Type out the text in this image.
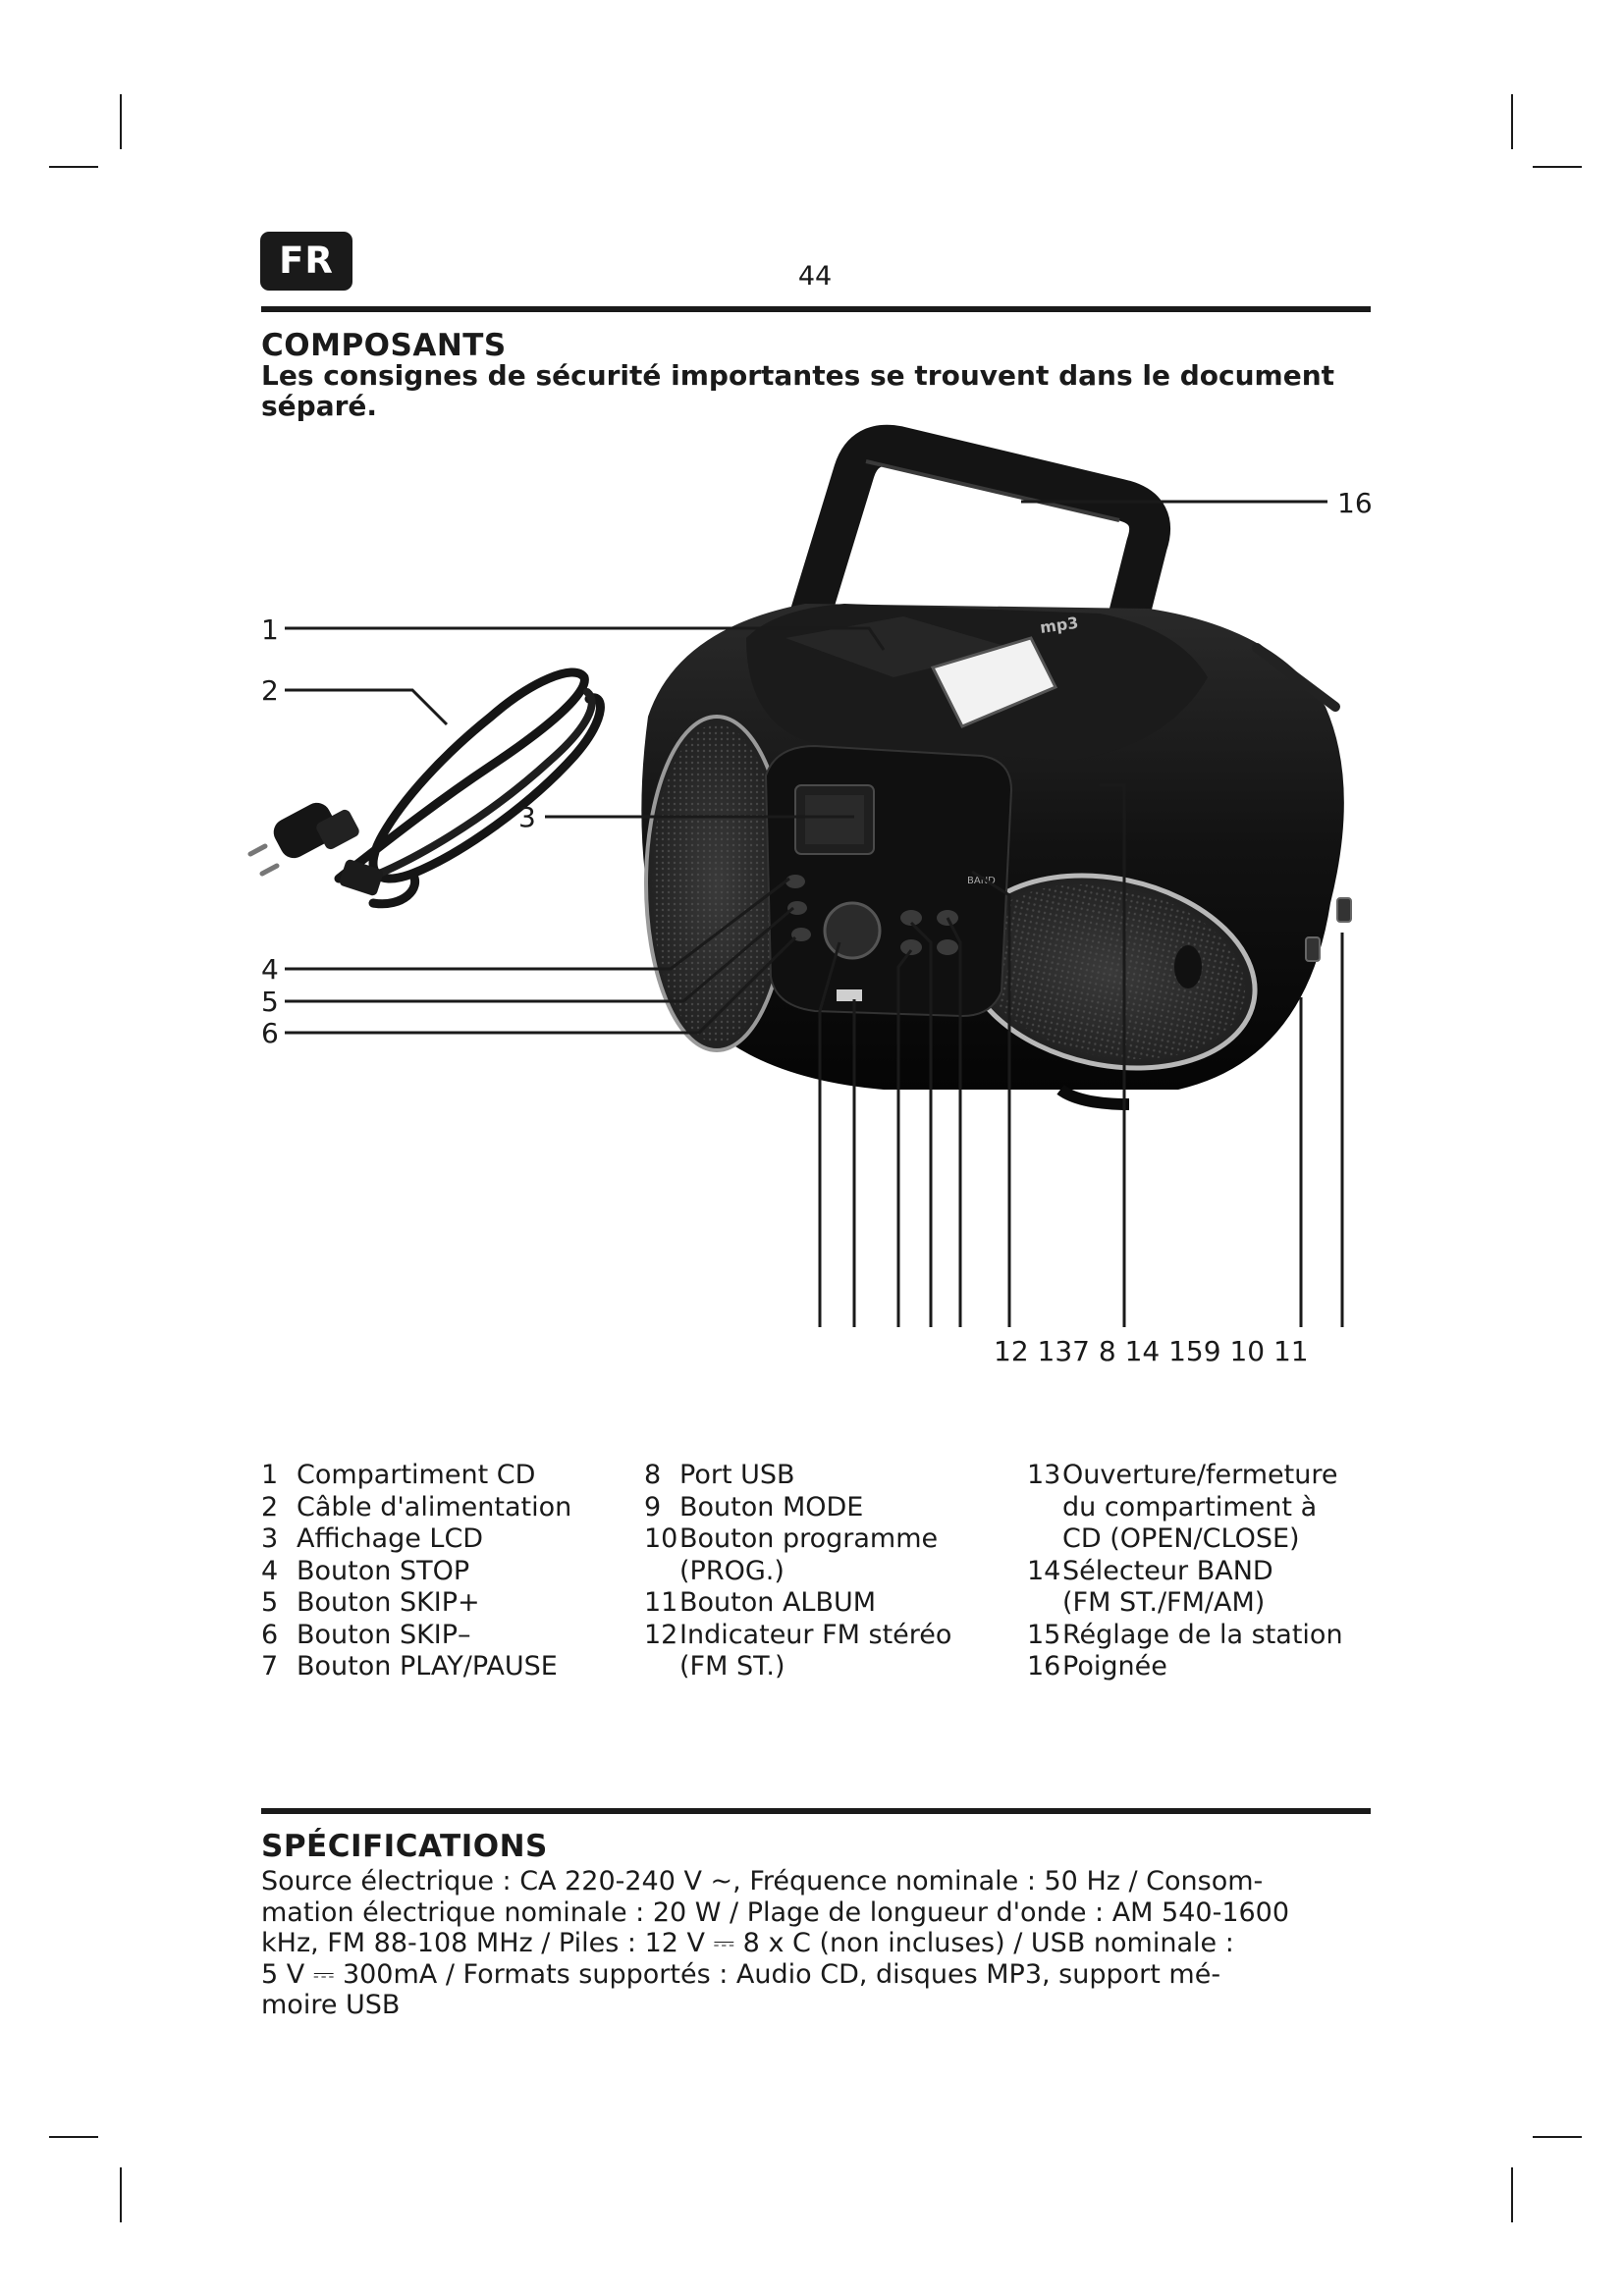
FR	44
COMPOSANTS
Les consignes de sécurité importantes se trouvent dans le document séparé.
mp3
BAND
16
1
2
3
4
5
6
12 137 8 14 159 10 11
1 Compartiment CD
2 Câble d'alimentation
3 Affichage LCD
4 Bouton STOP
5 Bouton SKIP+
6 Bouton SKIP–
7 Bouton PLAY/PAUSE
8 Port USB
9 Bouton MODE
10 Bouton programme
(PROG.)
11 Bouton ALBUM
12 Indicateur FM stéréo
(FM ST.)
13 Ouverture/fermeture
du compartiment à
CD (OPEN/CLOSE)
14 Sélecteur BAND
(FM ST./FM/AM)
15 Réglage de la station
16 Poignée
SPÉCIFICATIONS
Source électrique : CA 220-240 V ~, Fréquence nominale : 50 Hz / Consom-
mation électrique nominale : 20 W / Plage de longueur d'onde : AM 540-1600
kHz, FM 88-108 MHz / Piles : 12 V ⎓ 8 x C (non incluses) / USB nominale :
5 V ⎓ 300mA / Formats supportés : Audio CD, disques MP3, support mé-
moire USB
